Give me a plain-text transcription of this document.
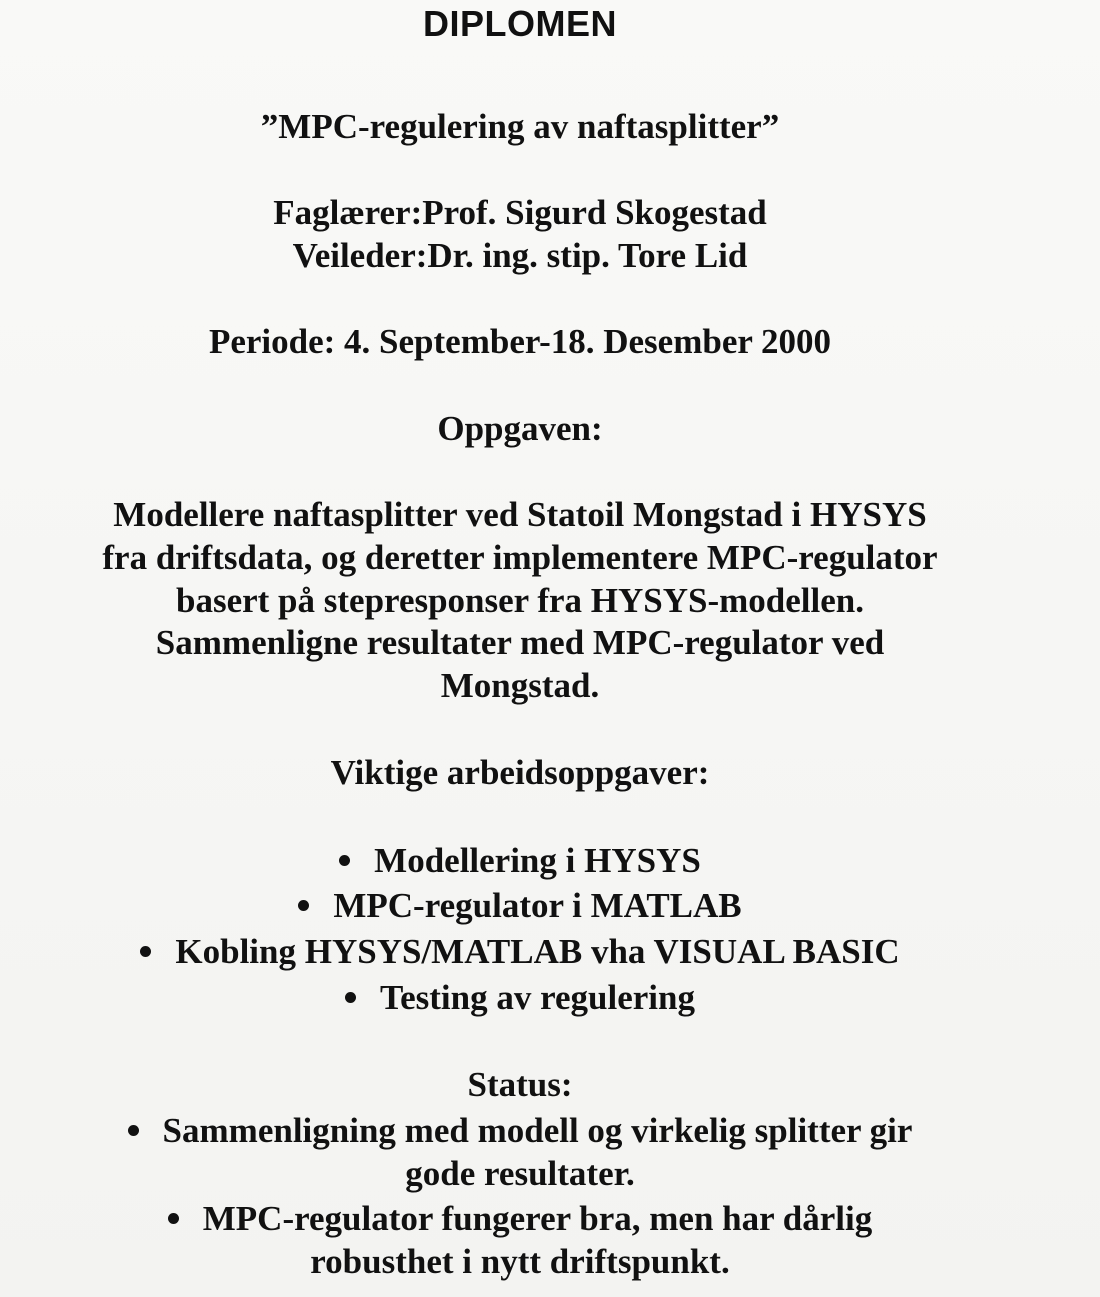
DIPLOMEN
”MPC-regulering av naftasplitter”
Faglærer:Prof. Sigurd Skogestad
Veileder:Dr. ing. stip. Tore Lid
Periode: 4. September-18. Desember 2000
Oppgaven:
Modellere naftasplitter ved Statoil Mongstad i HYSYS
fra driftsdata, og deretter implementere MPC-regulator
basert på stepresponser fra HYSYS-modellen.
Sammenligne resultater med MPC-regulator ved
Mongstad.
Viktige arbeidsoppgaver:
Modellering i HYSYS
MPC-regulator i MATLAB
Kobling HYSYS/MATLAB vha VISUAL BASIC
Testing av regulering
Status:
Sammenligning med modell og virkelig splitter gir
gode resultater.
MPC-regulator fungerer bra, men har dårlig
robusthet i nytt driftspunkt.
